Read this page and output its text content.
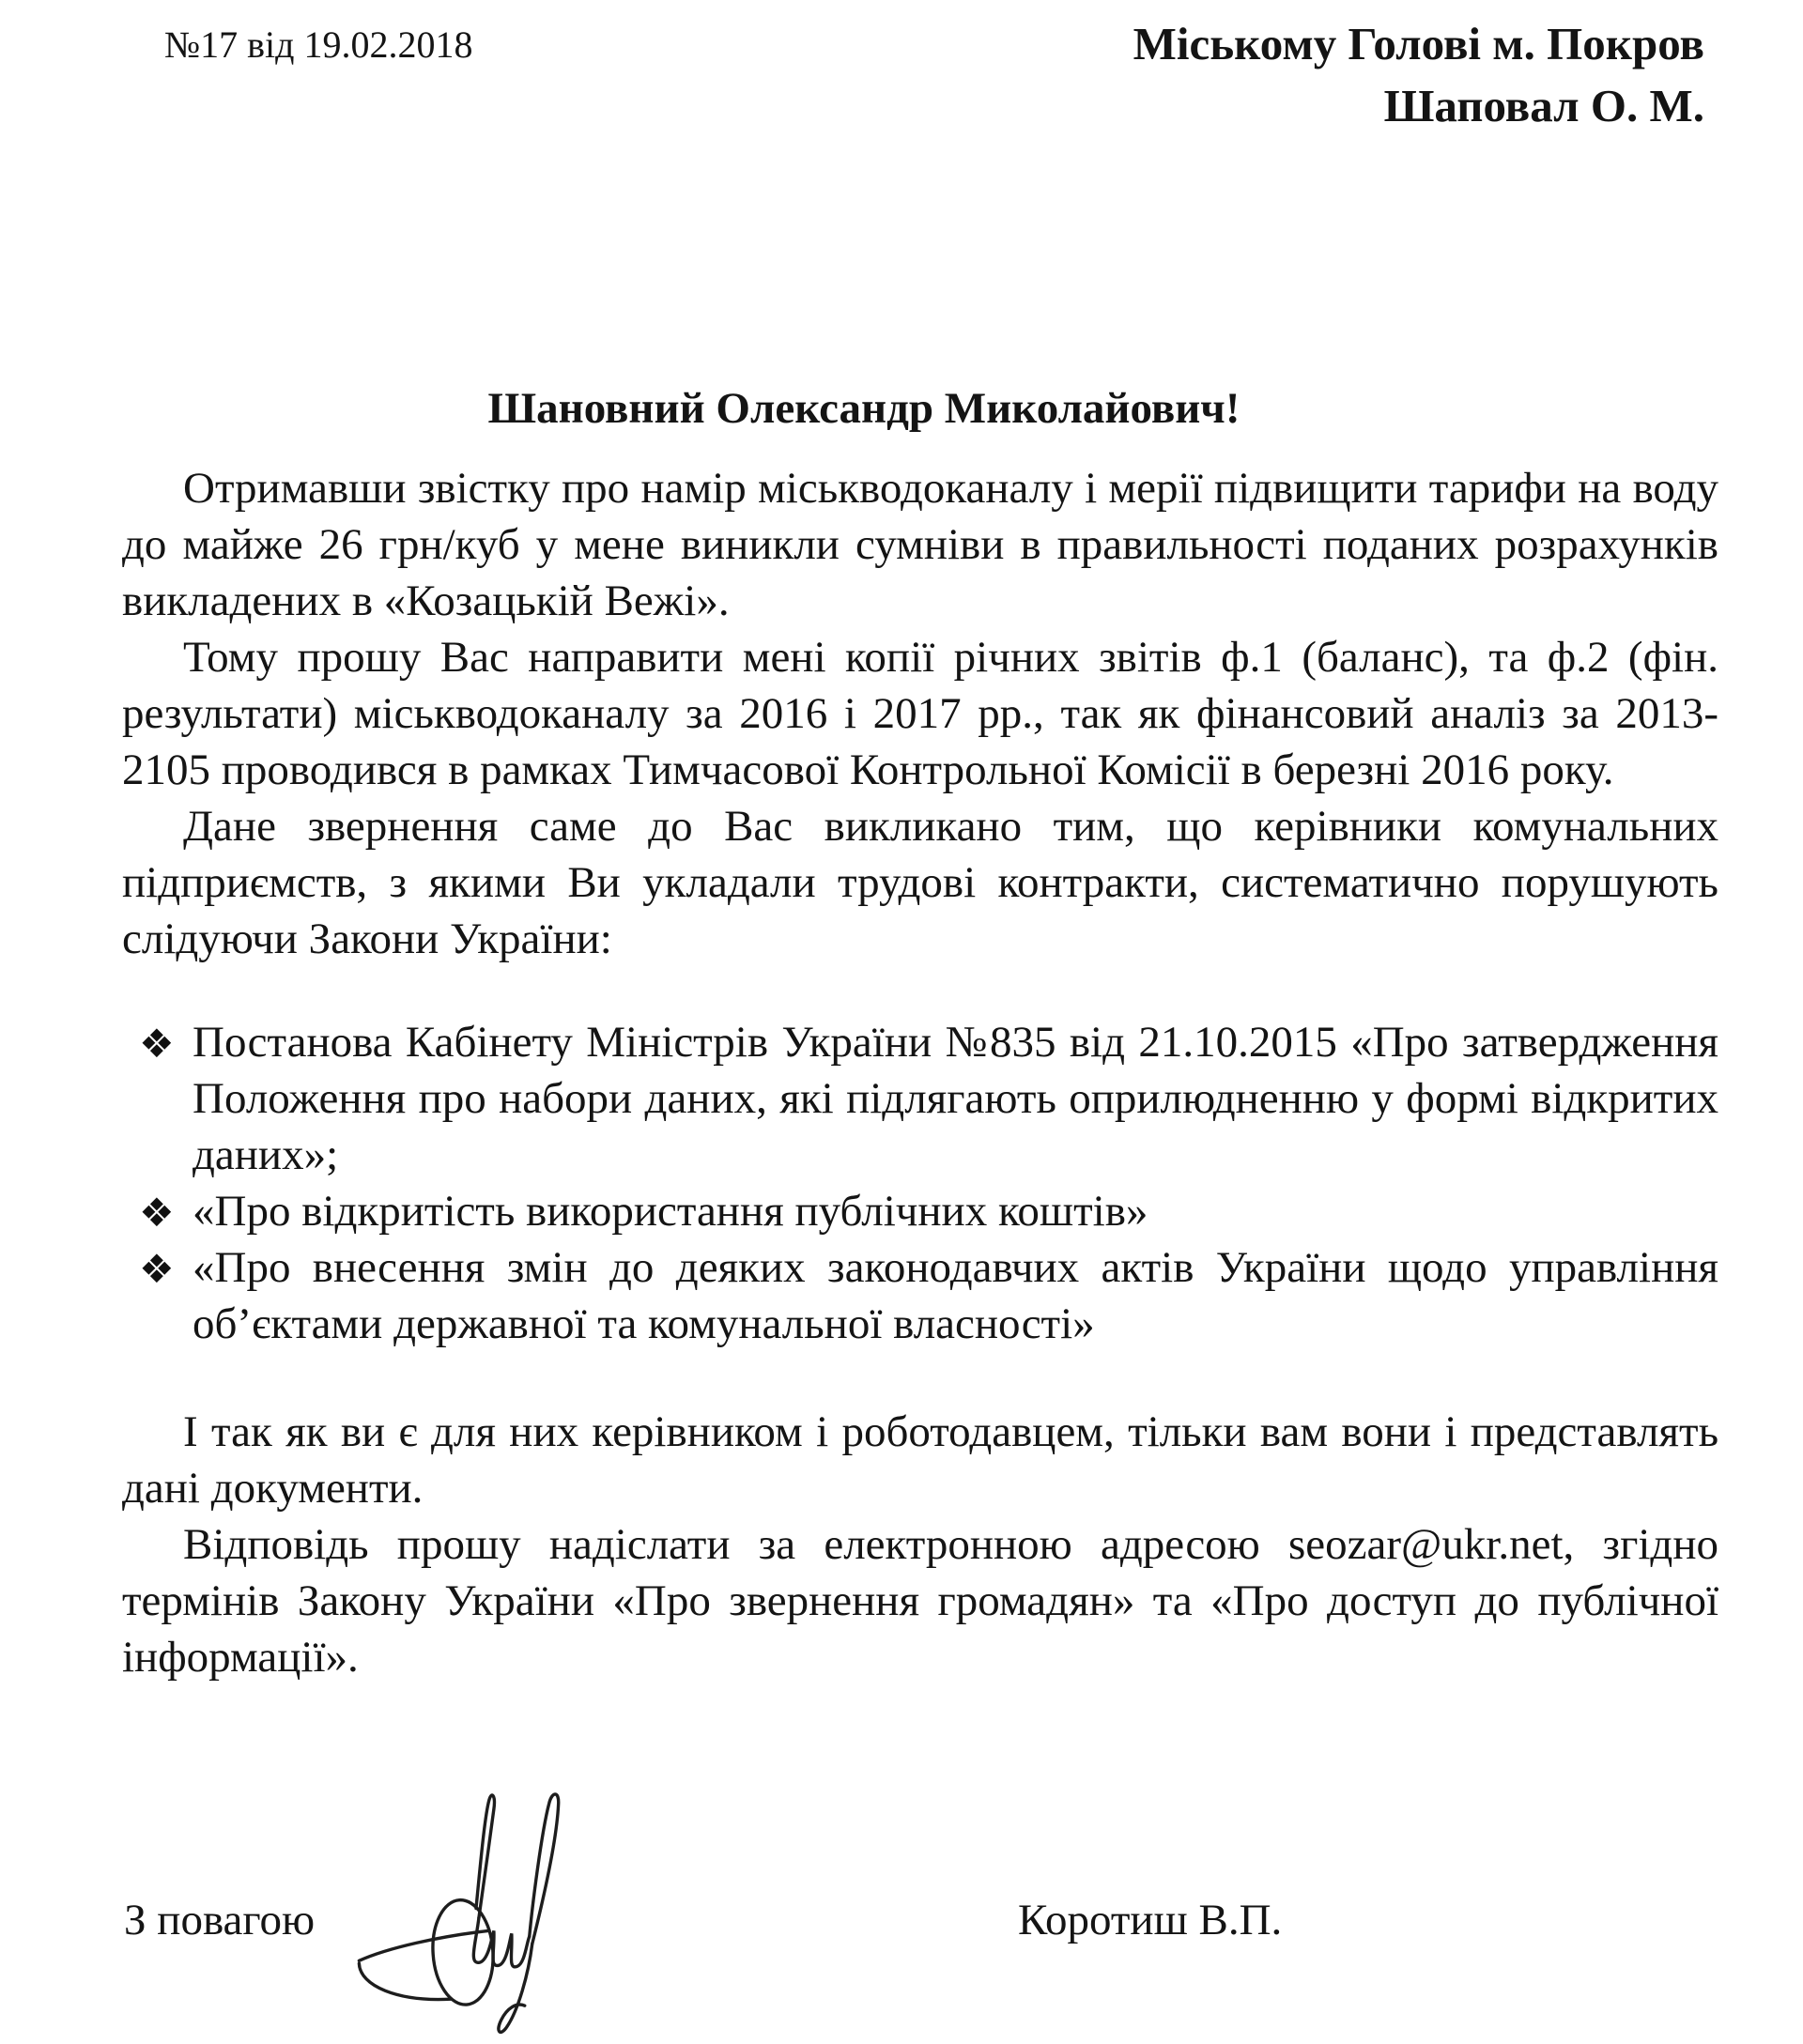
№17 від 19.02.2018	Міському Голові м. Покров
Шаповал О. М.
Шановний Олександр Миколайович!

Отримавши звістку про намір міськводоканалу і мерії підвищити тарифи на воду до майже 26 грн/куб у мене виникли сумніви в правильності поданих розрахунків викладених в «Козацькій Вежі».

Тому прошу Вас направити мені копії річних звітів ф.1 (баланс), та ф.2 (фін. результати) міськводоканалу за 2016 і 2017 рр., так як фінансовий аналіз за 2013-2105 проводився в рамках Тимчасової Контрольної Комісії в березні 2016 року.

Дане звернення саме до Вас викликано тим, що керівники комунальних підприємств, з якими Ви укладали трудові контракти, систематично порушують слідуючи Закони України:

❖ Постанова Кабінету Міністрів України №835 від 21.10.2015 «Про затвердження Положення про набори даних, які підлягають оприлюдненню у формі відкритих даних»;
❖ «Про відкритість використання публічних коштів»
❖ «Про внесення змін до деяких законодавчих актів України щодо управління об’єктами державної та комунальної власності»

І так як ви є для них керівником і роботодавцем, тільки вам вони і представлять дані документи.

Відповідь прошу надіслати за електронною адресою seozar@ukr.net, згідно термінів Закону України «Про звернення громадян» та «Про доступ до публічної інформації».

З повагою	Коротиш В.П.
